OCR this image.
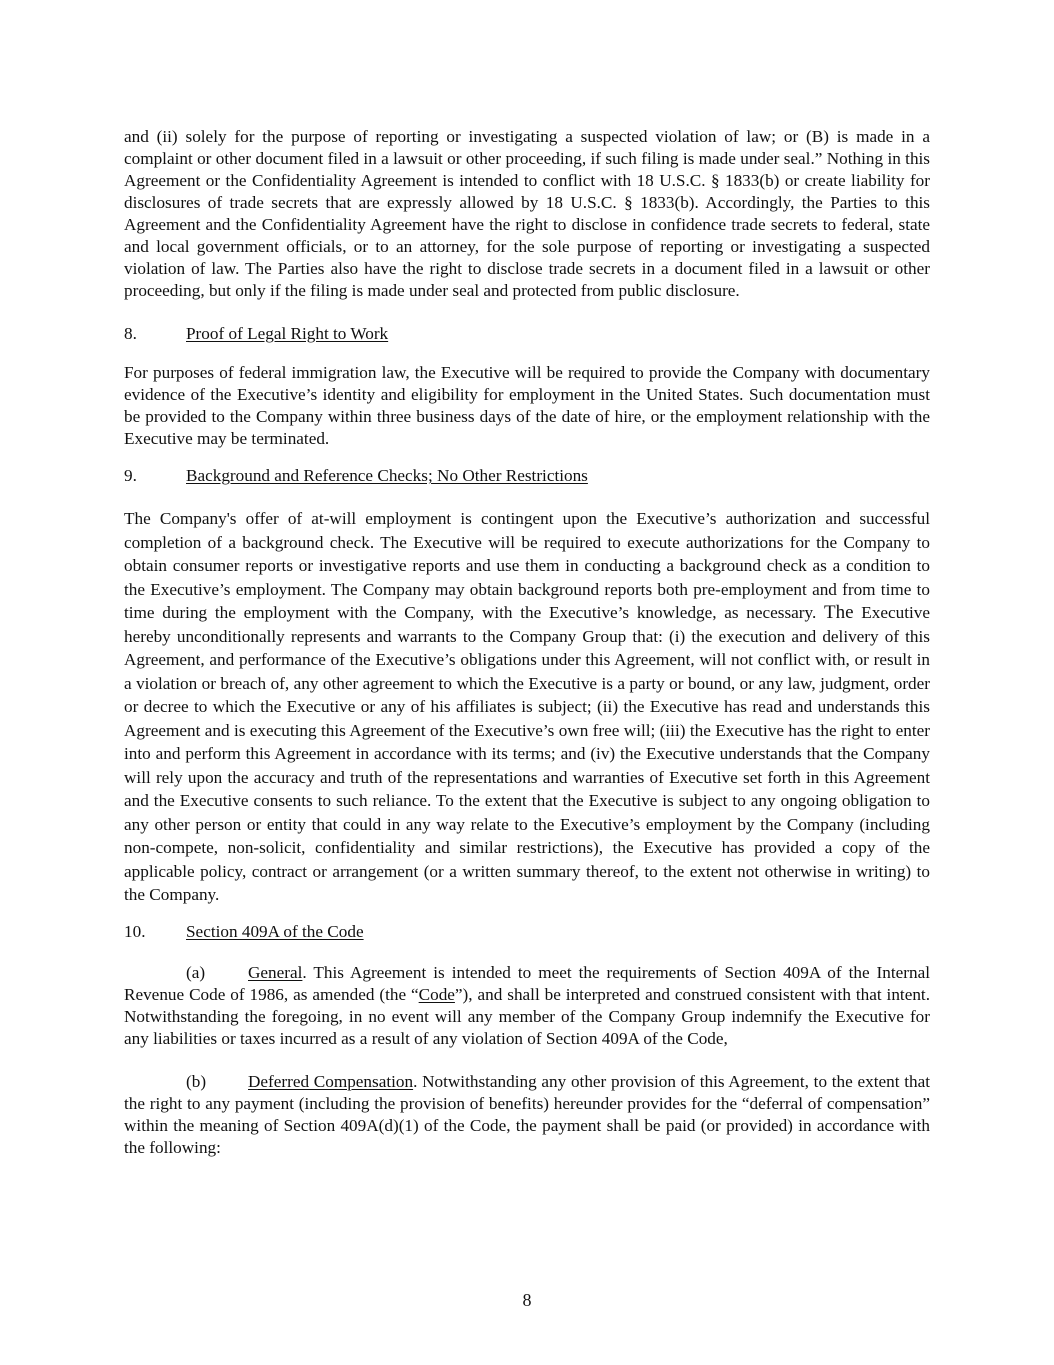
and (ii) solely for the purpose of reporting or investigating a suspected violation of law; or (B) is made in a complaint or other document filed in a lawsuit or other proceeding, if such filing is made under seal.” Nothing in this Agreement or the Confidentiality Agreement is intended to conflict with 18 U.S.C. § 1833(b) or create liability for disclosures of trade secrets that are expressly allowed by 18 U.S.C. § 1833(b). Accordingly, the Parties to this Agreement and the Confidentiality Agreement have the right to disclose in confidence trade secrets to federal, state and local government officials, or to an attorney, for the sole purpose of reporting or investigating a suspected violation of law. The Parties also have the right to disclose trade secrets in a document filed in a lawsuit or other proceeding, but only if the filing is made under seal and protected from public disclosure.

8.	Proof of Legal Right to Work

For purposes of federal immigration law, the Executive will be required to provide the Company with documentary evidence of the Executive’s identity and eligibility for employment in the United States. Such documentation must be provided to the Company within three business days of the date of hire, or the employment relationship with the Executive may be terminated.

9.	Background and Reference Checks; No Other Restrictions

The Company's offer of at-will employment is contingent upon the Executive’s authorization and successful completion of a background check. The Executive will be required to execute authorizations for the Company to obtain consumer reports or investigative reports and use them in conducting a background check as a condition to the Executive’s employment. The Company may obtain background reports both pre-employment and from time to time during the employment with the Company, with the Executive’s knowledge, as necessary. The Executive hereby unconditionally represents and warrants to the Company Group that: (i) the execution and delivery of this Agreement, and performance of the Executive’s obligations under this Agreement, will not conflict with, or result in a violation or breach of, any other agreement to which the Executive is a party or bound, or any law, judgment, order or decree to which the Executive or any of his affiliates is subject; (ii) the Executive has read and understands this Agreement and is executing this Agreement of the Executive’s own free will; (iii) the Executive has the right to enter into and perform this Agreement in accordance with its terms; and (iv) the Executive understands that the Company will rely upon the accuracy and truth of the representations and warranties of Executive set forth in this Agreement and the Executive consents to such reliance. To the extent that the Executive is subject to any ongoing obligation to any other person or entity that could in any way relate to the Executive’s employment by the Company (including non-compete, non-solicit, confidentiality and similar restrictions), the Executive has provided a copy of the applicable policy, contract or arrangement (or a written summary thereof, to the extent not otherwise in writing) to the Company.

10.	Section 409A of the Code

(a) General. This Agreement is intended to meet the requirements of Section 409A of the Internal Revenue Code of 1986, as amended (the “Code”), and shall be interpreted and construed consistent with that intent. Notwithstanding the foregoing, in no event will any member of the Company Group indemnify the Executive for any liabilities or taxes incurred as a result of any violation of Section 409A of the Code,

(b) Deferred Compensation. Notwithstanding any other provision of this Agreement, to the extent that the right to any payment (including the provision of benefits) hereunder provides for the “deferral of compensation” within the meaning of Section 409A(d)(1) of the Code, the payment shall be paid (or provided) in accordance with the following:

8
